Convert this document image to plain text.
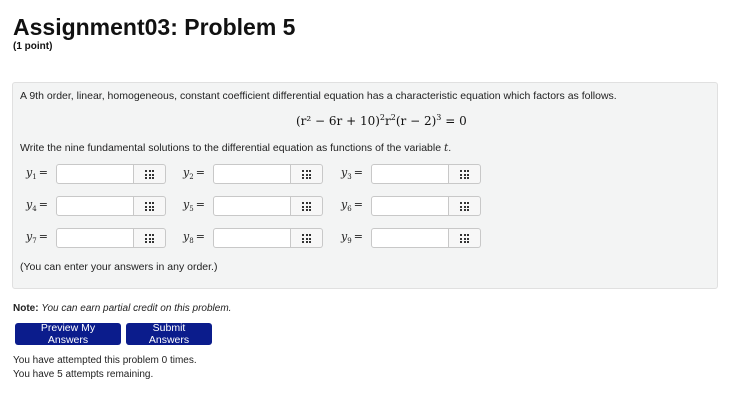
Assignment03: Problem 5
(1 point)
A 9th order, linear, homogeneous, constant coefficient differential equation has a characteristic equation which factors as follows.
$(r^2 - 6r + 10)^2r^2(r - 2)^3 = 0$
Write the nine fundamental solutions to the differential equation as functions of the variable t.
$y_1$ =	$y_2$ =	$y_3$ =
$y_4$ =	$y_5$ =	$y_6$ =
$y_7$ =	$y_8$ =	$y_9$ =
(You can enter your answers in any order.)
Note: You can earn partial credit on this problem.
Preview My Answers
Submit Answers
You have attempted this problem 0 times.
You have 5 attempts remaining.
